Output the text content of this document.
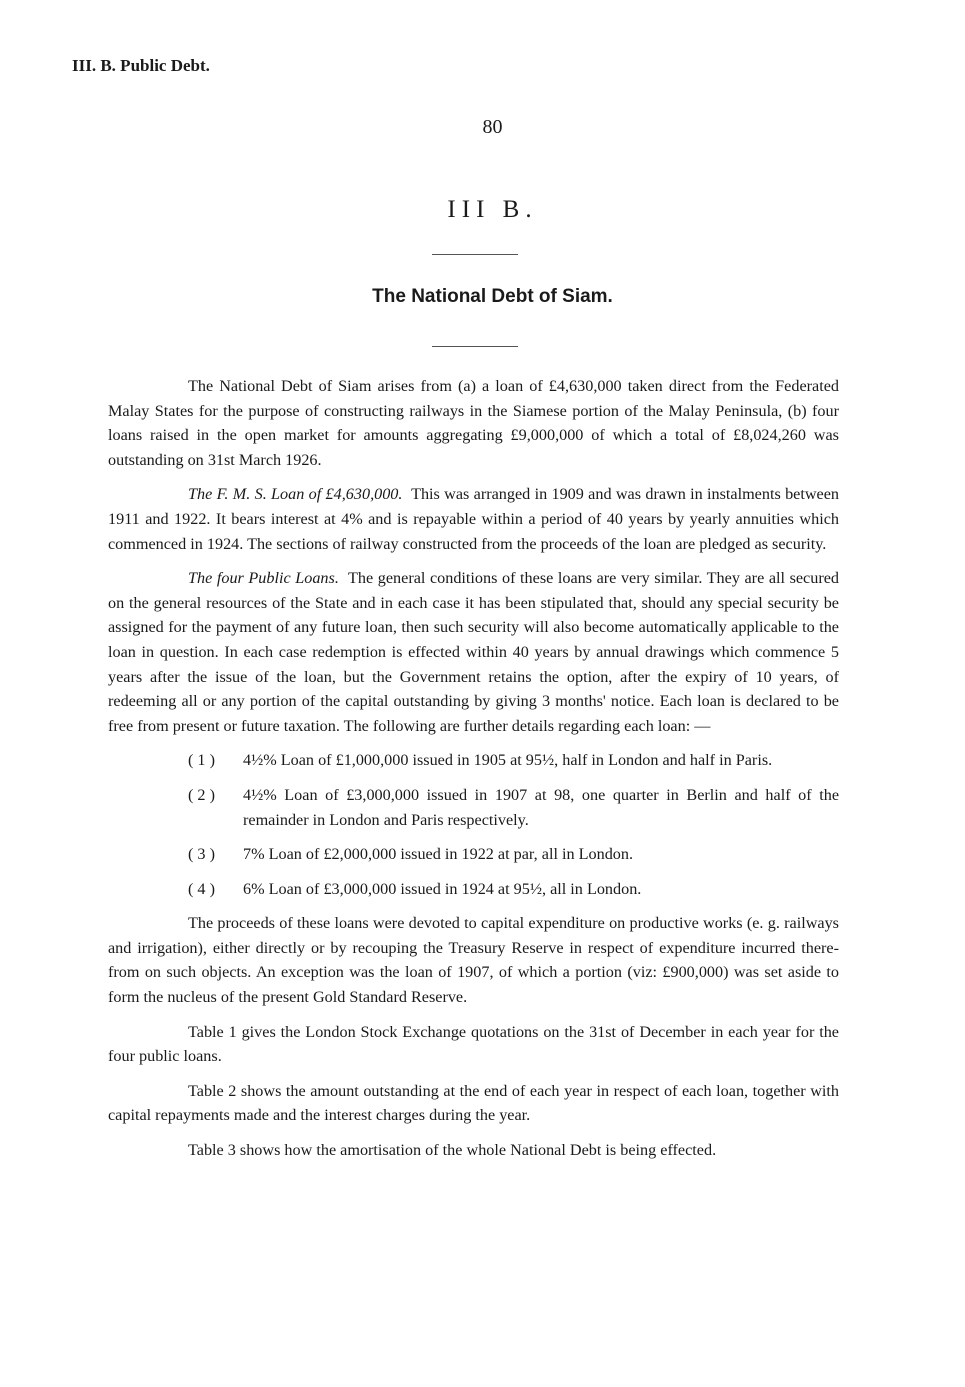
III. B. Public Debt.
80
III B.
The National Debt of Siam.

The National Debt of Siam arises from (a) a loan of £4,630,000 taken direct from the Federated Malay States for the purpose of constructing railways in the Siamese portion of the Malay Peninsula, (b) four loans raised in the open market for amounts aggregating £9,000,000 of which a total of £8,024,260 was outstanding on 31st March 1926.

The F. M. S. Loan of £4,630,000. This was arranged in 1909 and was drawn in instalments between 1911 and 1922. It bears interest at 4% and is repayable within a period of 40 years by yearly annuities which commenced in 1924. The sections of railway constructed from the proceeds of the loan are pledged as security.

The four Public Loans. The general conditions of these loans are very similar. They are all secured on the general resources of the State and in each case it has been stipulated that, should any special security be assigned for the payment of any future loan, then such security will also become automatically applicable to the loan in question. In each case redemption is effected within 40 years by annual drawings which commence 5 years after the issue of the loan, but the Government retains the option, after the expiry of 10 years, of redeeming all or any portion of the capital outstanding by giving 3 months' notice. Each loan is declared to be free from present or future taxation. The following are further details regarding each loan: —

( 1 ) 4½% Loan of £1,000,000 issued in 1905 at 95½, half in London and half in Paris.

( 2 ) 4½% Loan of £3,000,000 issued in 1907 at 98, one quarter in Berlin and half of the remainder in London and Paris respectively.

( 3 ) 7% Loan of £2,000,000 issued in 1922 at par, all in London.

( 4 ) 6% Loan of £3,000,000 issued in 1924 at 95½, all in London.

The proceeds of these loans were devoted to capital expenditure on productive works (e. g. railways and irrigation), either directly or by recouping the Treasury Reserve in respect of expenditure incurred there-from on such objects. An exception was the loan of 1907, of which a portion (viz: £900,000) was set aside to form the nucleus of the present Gold Standard Reserve.

Table 1 gives the London Stock Exchange quotations on the 31st of December in each year for the four public loans.

Table 2 shows the amount outstanding at the end of each year in respect of each loan, together with capital repayments made and the interest charges during the year.

Table 3 shows how the amortisation of the whole National Debt is being effected.
